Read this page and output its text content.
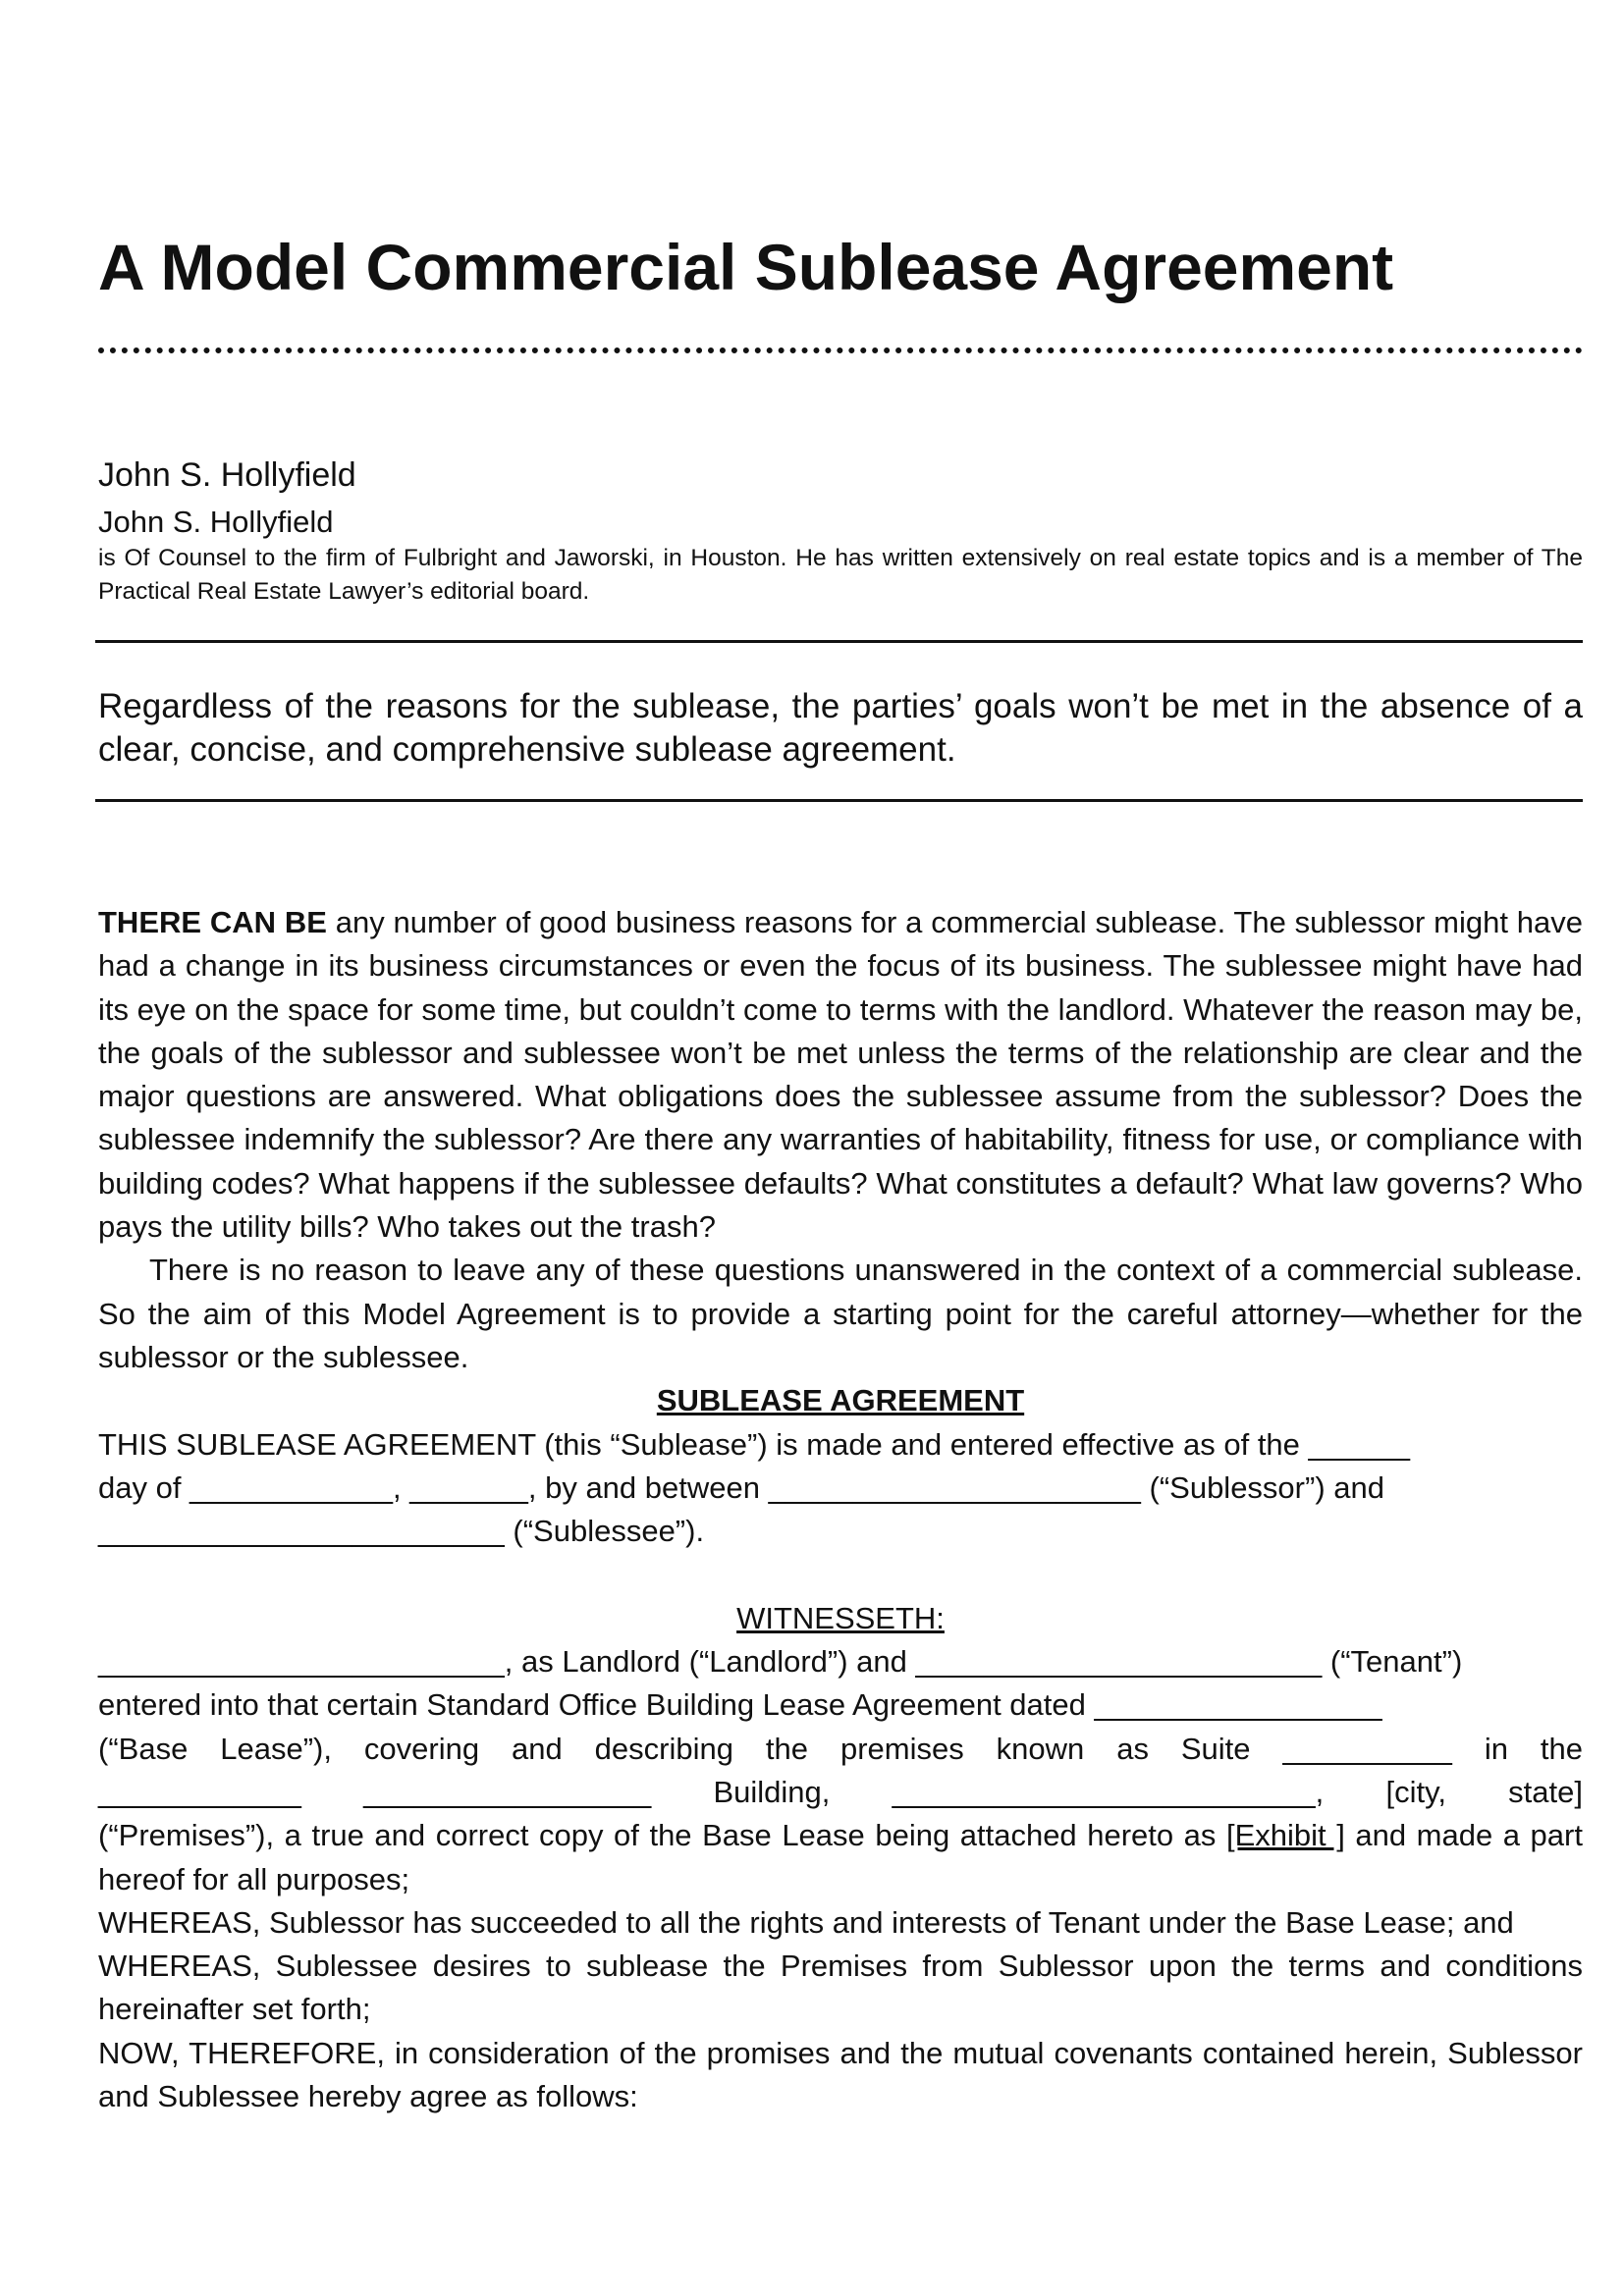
A Model Commercial Sublease Agreement
John S. Hollyfield
John S. Hollyfield
is Of Counsel to the firm of Fulbright and Jaworski, in Houston. He has written extensively on real estate topics and is a member of The Practical Real Estate Lawyer’s editorial board.
Regardless of the reasons for the sublease, the parties’ goals won’t be met in the absence of a clear, concise, and comprehensive sublease agreement.

THERE CAN BE any number of good business reasons for a commercial sublease. The sublessor might have had a change in its business circumstances or even the focus of its business. The sublessee might have had its eye on the space for some time, but couldn’t come to terms with the landlord. Whatever the reason may be, the goals of the sublessor and sublessee won’t be met unless the terms of the relationship are clear and the major questions are answered. What obligations does the sublessee assume from the sublessor? Does the sublessee indemnify the sublessor? Are there any warranties of habitability, fitness for use, or compliance with building codes? What happens if the sublessee defaults? What constitutes a default? What law governs? Who pays the utility bills? Who takes out the trash?

There is no reason to leave any of these questions unanswered in the context of a commercial sublease. So the aim of this Model Agreement is to provide a starting point for the careful attorney—whether for the sublessor or the sublessee.

SUBLEASE AGREEMENT

THIS SUBLEASE AGREEMENT (this “Sublease”) is made and entered effective as of the ______

day of ____________, _______, by and between ______________________ (“Sublessor”) and

________________________ (“Sublessee”).

WITNESSETH:

________________________, as Landlord (“Landlord”) and ________________________ (“Tenant”)

entered into that certain Standard Office Building Lease Agreement dated _________________

(“Base Lease”), covering and describing the premises known as Suite __________ in the

____________ _________________ Building, _________________________, [city, state]

(“Premises”), a true and correct copy of the Base Lease being attached hereto as [Exhibit ] and made a part hereof for all purposes;

WHEREAS, Sublessor has succeeded to all the rights and interests of Tenant under the Base Lease; and

WHEREAS, Sublessee desires to sublease the Premises from Sublessor upon the terms and conditions hereinafter set forth;

NOW, THEREFORE, in consideration of the promises and the mutual covenants contained herein, Sublessor and Sublessee hereby agree as follows:
